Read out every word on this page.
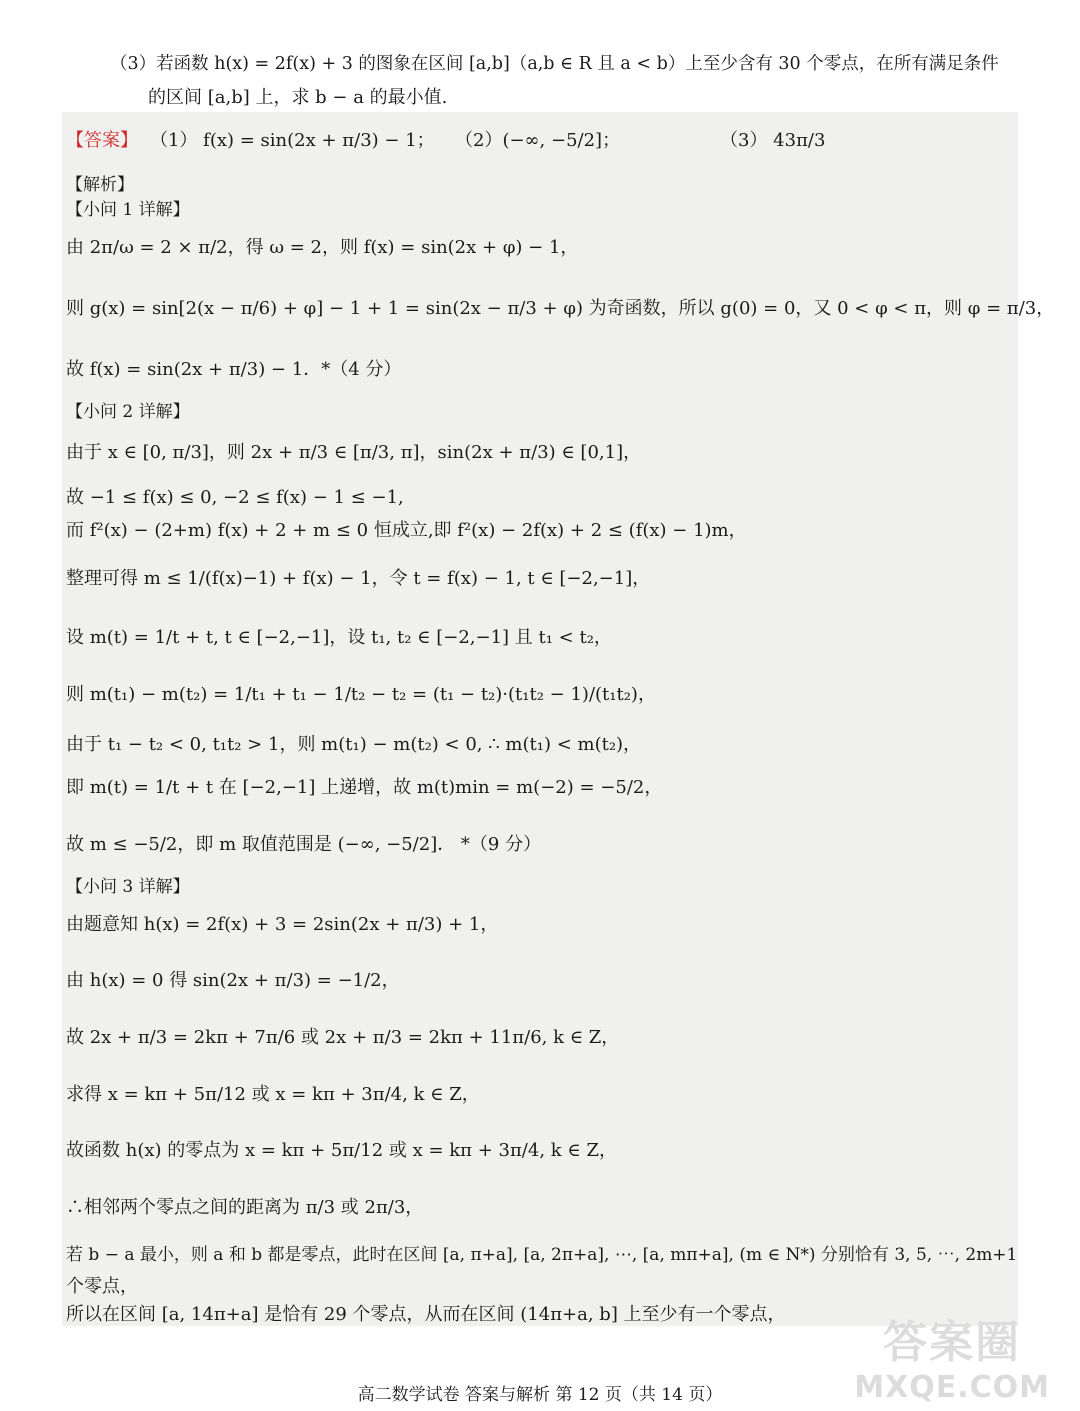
（3）若函数 h(x) = 2f(x) + 3 的图象在区间 [a,b]（a,b ∈ R 且 a < b）上至少含有 30 个零点，在所有满足条件
的区间 [a,b] 上，求 b − a 的最小值.
【答案】 （1） f(x) = sin(2x + π/3) − 1； （2）(−∞, −5/2]；	（3） 43π/3
【解析】
【小问 1 详解】
由 2π/ω = 2 × π/2，得 ω = 2，则 f(x) = sin(2x + φ) − 1，
则 g(x) = sin[2(x − π/6) + φ] − 1 + 1 = sin(2x − π/3 + φ) 为奇函数，所以 g(0) = 0，又 0 < φ < π，则 φ = π/3，
故 f(x) = sin(2x + π/3) − 1．*（4 分）
【小问 2 详解】
由于 x ∈ [0, π/3]，则 2x + π/3 ∈ [π/3, π]，sin(2x + π/3) ∈ [0,1]，
故 −1 ≤ f(x) ≤ 0, −2 ≤ f(x) − 1 ≤ −1,
而 f²(x) − (2+m) f(x) + 2 + m ≤ 0 恒成立,即 f²(x) − 2f(x) + 2 ≤ (f(x) − 1)m，
整理可得 m ≤ 1/(f(x)−1) + f(x) − 1，令 t = f(x) − 1, t ∈ [−2,−1]，
设 m(t) = 1/t + t, t ∈ [−2,−1]，设 t₁, t₂ ∈ [−2,−1] 且 t₁ < t₂，
则 m(t₁) − m(t₂) = 1/t₁ + t₁ − 1/t₂ − t₂ = (t₁ − t₂)·(t₁t₂ − 1)/(t₁t₂)，
由于 t₁ − t₂ < 0, t₁t₂ > 1，则 m(t₁) − m(t₂) < 0, ∴ m(t₁) < m(t₂)，
即 m(t) = 1/t + t 在 [−2,−1] 上递增，故 m(t)min = m(−2) = −5/2，
故 m ≤ −5/2，即 m 取值范围是 (−∞, −5/2]． *（9 分）
【小问 3 详解】
由题意知 h(x) = 2f(x) + 3 = 2sin(2x + π/3) + 1，
由 h(x) = 0 得 sin(2x + π/3) = −1/2，
故 2x + π/3 = 2kπ + 7π/6 或 2x + π/3 = 2kπ + 11π/6, k ∈ Z，
求得 x = kπ + 5π/12 或 x = kπ + 3π/4, k ∈ Z，
故函数 h(x) 的零点为 x = kπ + 5π/12 或 x = kπ + 3π/4, k ∈ Z，
∴相邻两个零点之间的距离为 π/3 或 2π/3，
若 b − a 最小，则 a 和 b 都是零点，此时在区间 [a, π+a], [a, 2π+a], ⋯, [a, mπ+a], (m ∈ N*) 分别恰有 3, 5, ⋯, 2m+1
个零点，
所以在区间 [a, 14π+a] 是恰有 29 个零点，从而在区间 (14π+a, b] 上至少有一个零点，
高二数学试卷 答案与解析 第 12 页（共 14 页）
答案圈
MXQE.COM
